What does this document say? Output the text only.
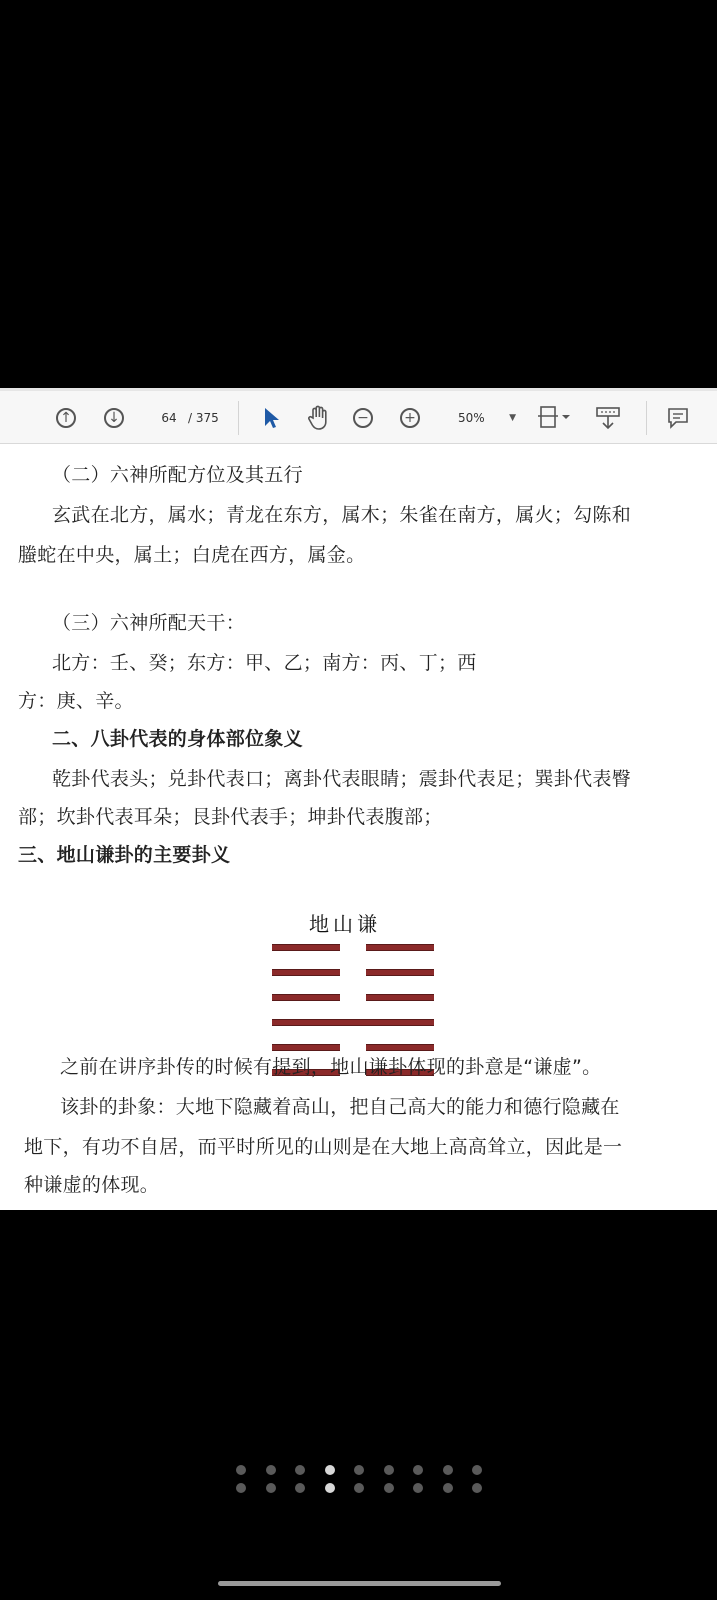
↑	↓	64 / 375	−	+	50%	▼
（二）六神所配方位及其五行
玄武在北方，属水；青龙在东方，属木；朱雀在南方，属火；勾陈和
螣蛇在中央，属土；白虎在西方，属金。
（三）六神所配天干：
北方：壬、癸；东方：甲、乙；南方：丙、丁；西
方：庚、辛。
二、八卦代表的身体部位象义
乾卦代表头；兑卦代表口；离卦代表眼睛；震卦代表足；巽卦代表臀
部；坎卦代表耳朵；艮卦代表手；坤卦代表腹部；
三、地山谦卦的主要卦义
地山谦
之前在讲序卦传的时候有提到，地山谦卦体现的卦意是“谦虚”。
该卦的卦象：大地下隐藏着高山，把自己高大的能力和德行隐藏在
地下，有功不自居，而平时所见的山则是在大地上高高耸立，因此是一
种谦虚的体现。
